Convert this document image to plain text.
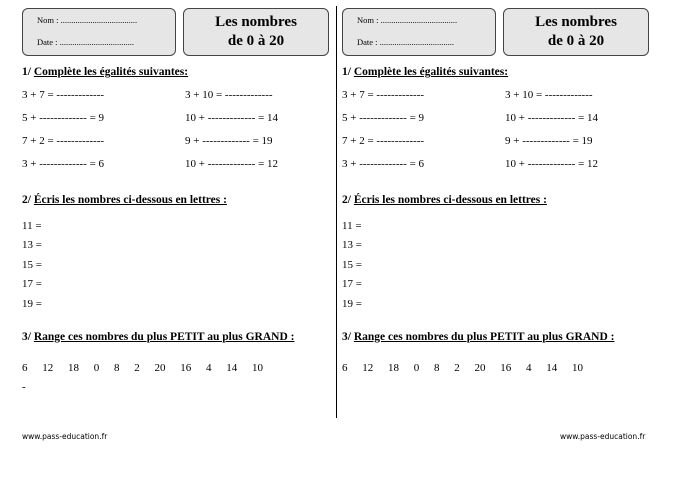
Nom : ....................................
Date : ...................................
Les nombres
de 0 à 20
1/ Complète les égalités suivantes:
3 + 7 = -------------	3 + 10 = -------------
5 + ------------- = 9	10 + ------------- = 14
7 + 2 = -------------	9 + ------------- = 19
3 + ------------- = 6	10 + ------------- = 12
2/ Écris les nombres ci-dessous en lettres :
11 =
13 =
15 =
17 =
19 =
3/ Range ces nombres du plus PETIT au plus GRAND :
6 12 18 0 8 2 20 16 4 14 10
-
www.pass-education.fr
Nom : ....................................
Date : ...................................
Les nombres
de 0 à 20
1/ Complète les égalités suivantes:
3 + 7 = -------------	3 + 10 = -------------
5 + ------------- = 9	10 + ------------- = 14
7 + 2 = -------------	9 + ------------- = 19
3 + ------------- = 6	10 + ------------- = 12
2/ Écris les nombres ci-dessous en lettres :
11 =
13 =
15 =
17 =
19 =
3/ Range ces nombres du plus PETIT au plus GRAND :
6 12 18 0 8 2 20 16 4 14 10
www.pass-education.fr
